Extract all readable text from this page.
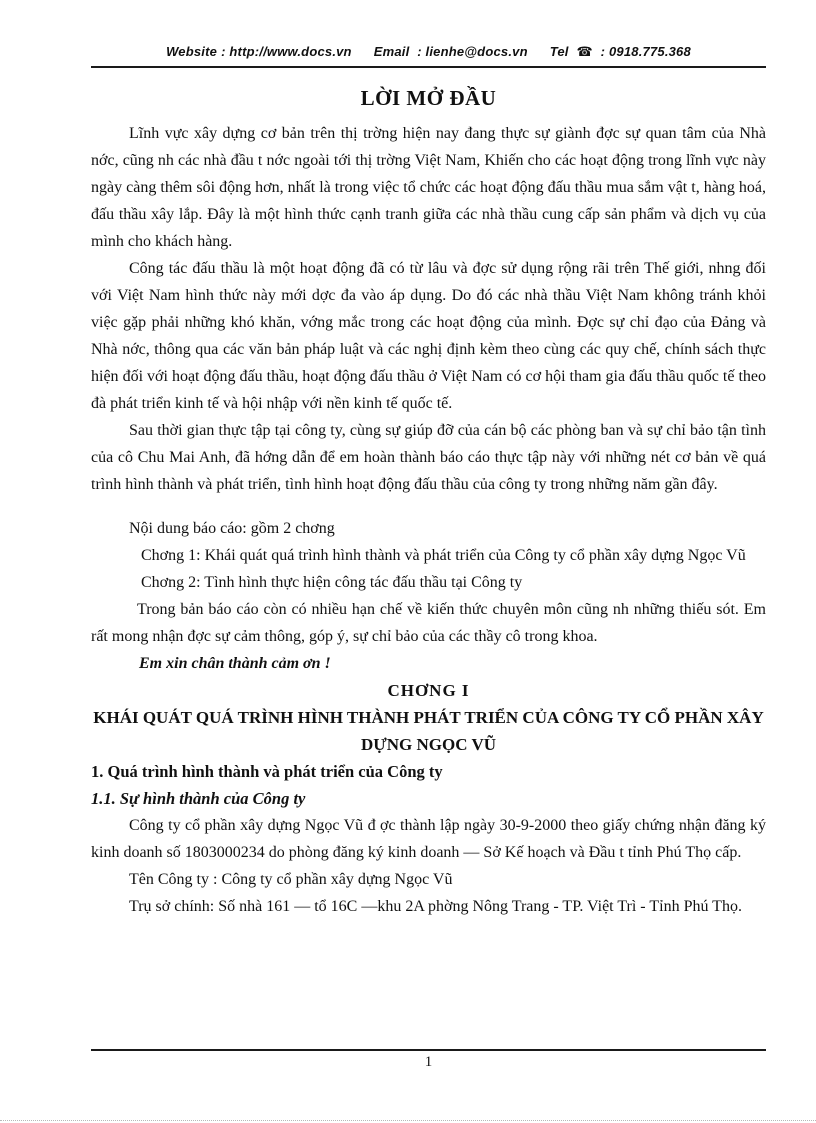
Website : http://www.docs.vn Email : lienhe@docs.vn Tel ☎ : 0918.775.368
LỜI MỞ ĐẦU

Lĩnh vực xây dựng cơ bản trên thị trờng hiện nay đang thực sự giành đợc sự quan tâm của Nhà nớc, cũng nh các nhà đầu t nớc ngoài tới thị trờng Việt Nam, Khiến cho các hoạt động trong lĩnh vực này ngày càng thêm sôi động hơn, nhất là trong việc tổ chức các hoạt động đấu thầu mua sắm vật t, hàng hoá, đấu thầu xây lắp. Đây là một hình thức cạnh tranh giữa các nhà thầu cung cấp sản phẩm và dịch vụ của mình cho khách hàng.

Công tác đấu thầu là một hoạt động đã có từ lâu và đợc sử dụng rộng rãi trên Thế giới, nhng đối với Việt Nam hình thức này mới dợc đa vào áp dụng. Do đó các nhà thầu Việt Nam không tránh khỏi việc gặp phải những khó khăn, vớng mắc trong các hoạt động của mình. Đợc sự chỉ đạo của Đảng và Nhà nớc, thông qua các văn bản pháp luật và các nghị định kèm theo cùng các quy chế, chính sách thực hiện đối với hoạt động đấu thầu, hoạt động đấu thầu ở Việt Nam có cơ hội tham gia đấu thầu quốc tế theo đà phát triển kinh tế và hội nhập với nền kinh tế quốc tế.

Sau thời gian thực tập tại công ty, cùng sự giúp đỡ của cán bộ các phòng ban và sự chỉ bảo tận tình của cô Chu Mai Anh, đã hớng dẫn để em hoàn thành báo cáo thực tập này với những nét cơ bản về quá trình hình thành và phát triển, tình hình hoạt động đấu thầu của công ty trong những năm gần đây.

Nội dung báo cáo: gồm 2 chơng

Chơng 1: Khái quát quá trình hình thành và phát triển của Công ty cổ phần xây dựng Ngọc Vũ

Chơng 2: Tình hình thực hiện công tác đấu thầu tại Công ty

Trong bản báo cáo còn có nhiều hạn chế về kiến thức chuyên môn cũng nh những thiếu sót. Em rất mong nhận đợc sự cảm thông, góp ý, sự chỉ bảo của các thầy cô trong khoa.

Em xin chân thành cảm ơn !

CHƠNG I
KHÁI QUÁT QUÁ TRÌNH HÌNH THÀNH PHÁT TRIỂN CỦA CÔNG TY CỔ PHẦN XÂY DỰNG NGỌC VŨ
1. Quá trình hình thành và phát triển của Công ty
1.1. Sự hình thành của Công ty

Công ty cổ phần xây dựng Ngọc Vũ đ ợc thành lập ngày 30-9-2000 theo giấy chứng nhận đăng ký kinh doanh số 1803000234 do phòng đăng ký kinh doanh — Sở Kế hoạch và Đầu t tỉnh Phú Thọ cấp.

Tên Công ty : Công ty cổ phần xây dựng Ngọc Vũ

Trụ sở chính: Số nhà 161 — tổ 16C —khu 2A phờng Nông Trang - TP. Việt Trì - Tỉnh Phú Thọ.

1
